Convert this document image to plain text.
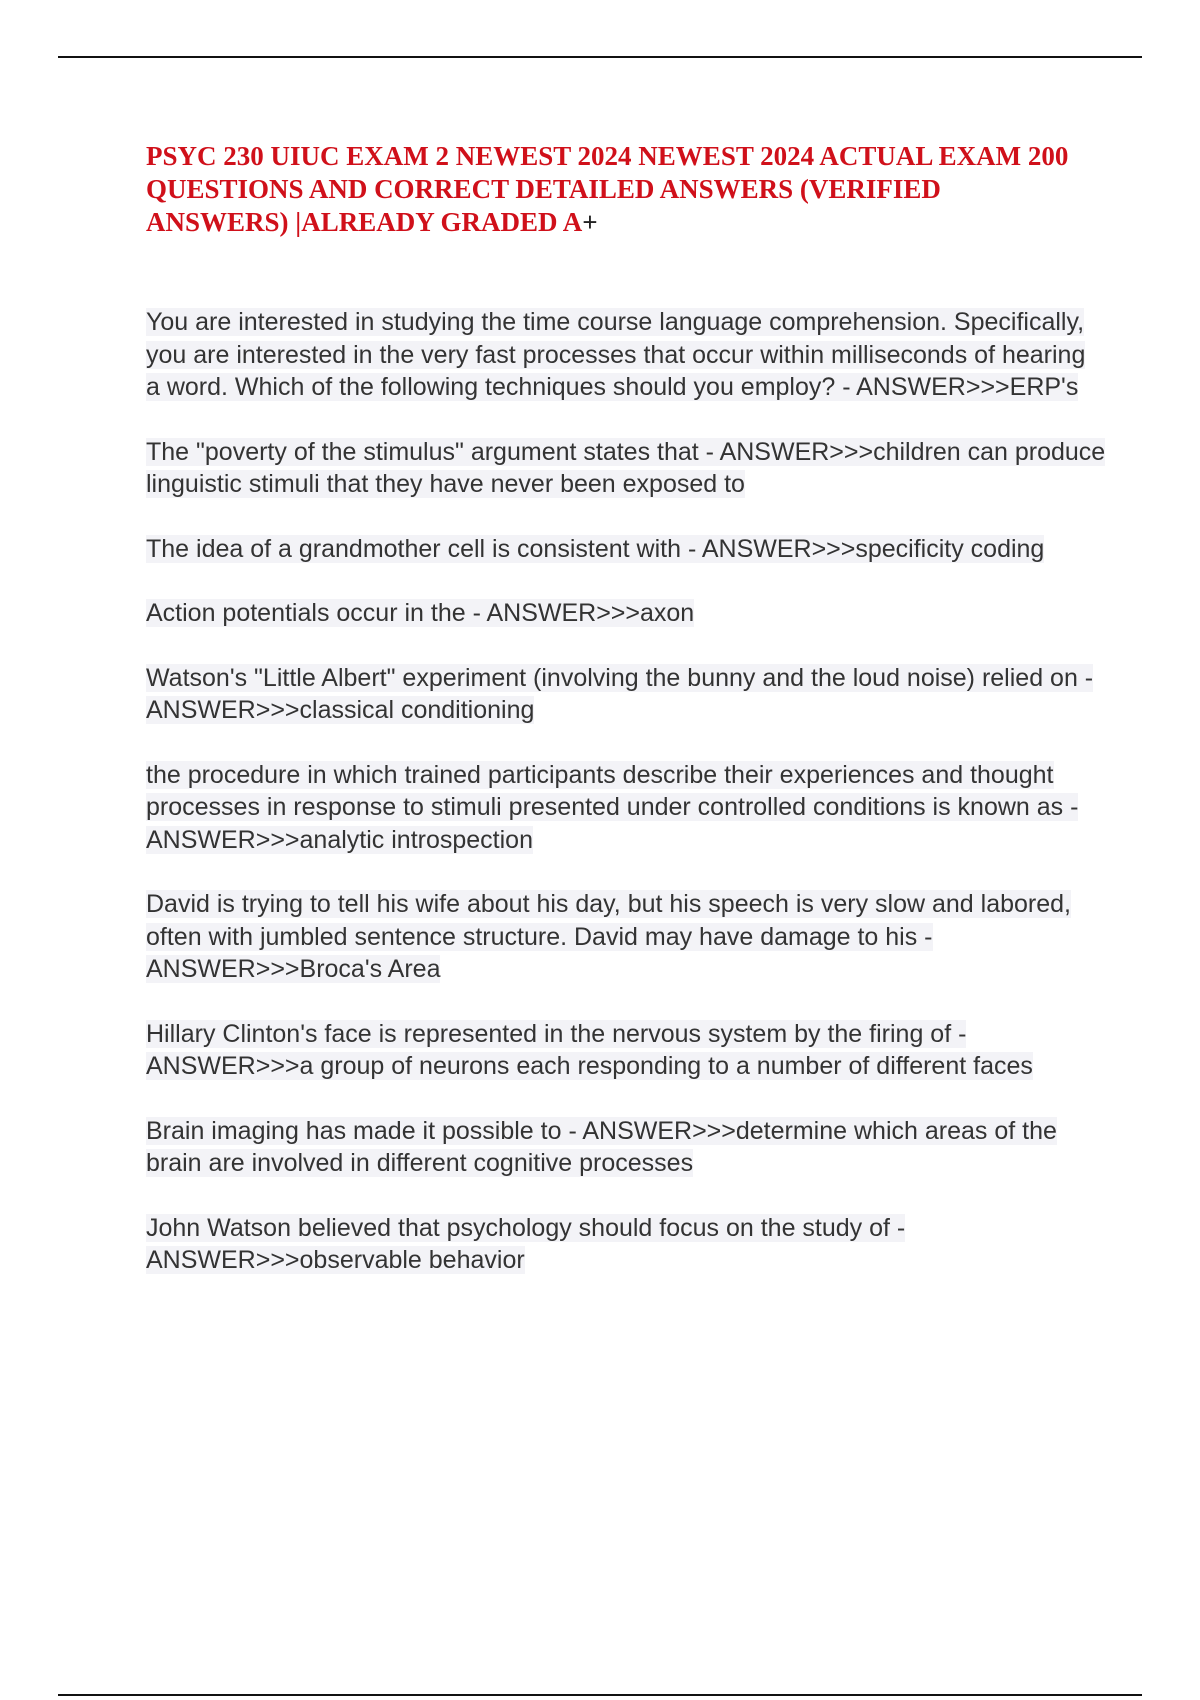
PSYC 230 UIUC EXAM 2 NEWEST 2024 NEWEST 2024 ACTUAL EXAM 200 QUESTIONS AND CORRECT DETAILED ANSWERS (VERIFIED ANSWERS) |ALREADY GRADED A+
You are interested in studying the time course language comprehension. Specifically, you are interested in the very fast processes that occur within milliseconds of hearing a word. Which of the following techniques should you employ? - ANSWER>>>ERP's
The "poverty of the stimulus" argument states that - ANSWER>>>children can produce linguistic stimuli that they have never been exposed to
The idea of a grandmother cell is consistent with - ANSWER>>>specificity coding
Action potentials occur in the - ANSWER>>>axon
Watson's "Little Albert" experiment (involving the bunny and the loud noise) relied on - ANSWER>>>classical conditioning
the procedure in which trained participants describe their experiences and thought processes in response to stimuli presented under controlled conditions is known as - ANSWER>>>analytic introspection
David is trying to tell his wife about his day, but his speech is very slow and labored, often with jumbled sentence structure. David may have damage to his - ANSWER>>>Broca's Area
Hillary Clinton's face is represented in the nervous system by the firing of - ANSWER>>>a group of neurons each responding to a number of different faces
Brain imaging has made it possible to - ANSWER>>>determine which areas of the brain are involved in different cognitive processes
John Watson believed that psychology should focus on the study of - ANSWER>>>observable behavior
